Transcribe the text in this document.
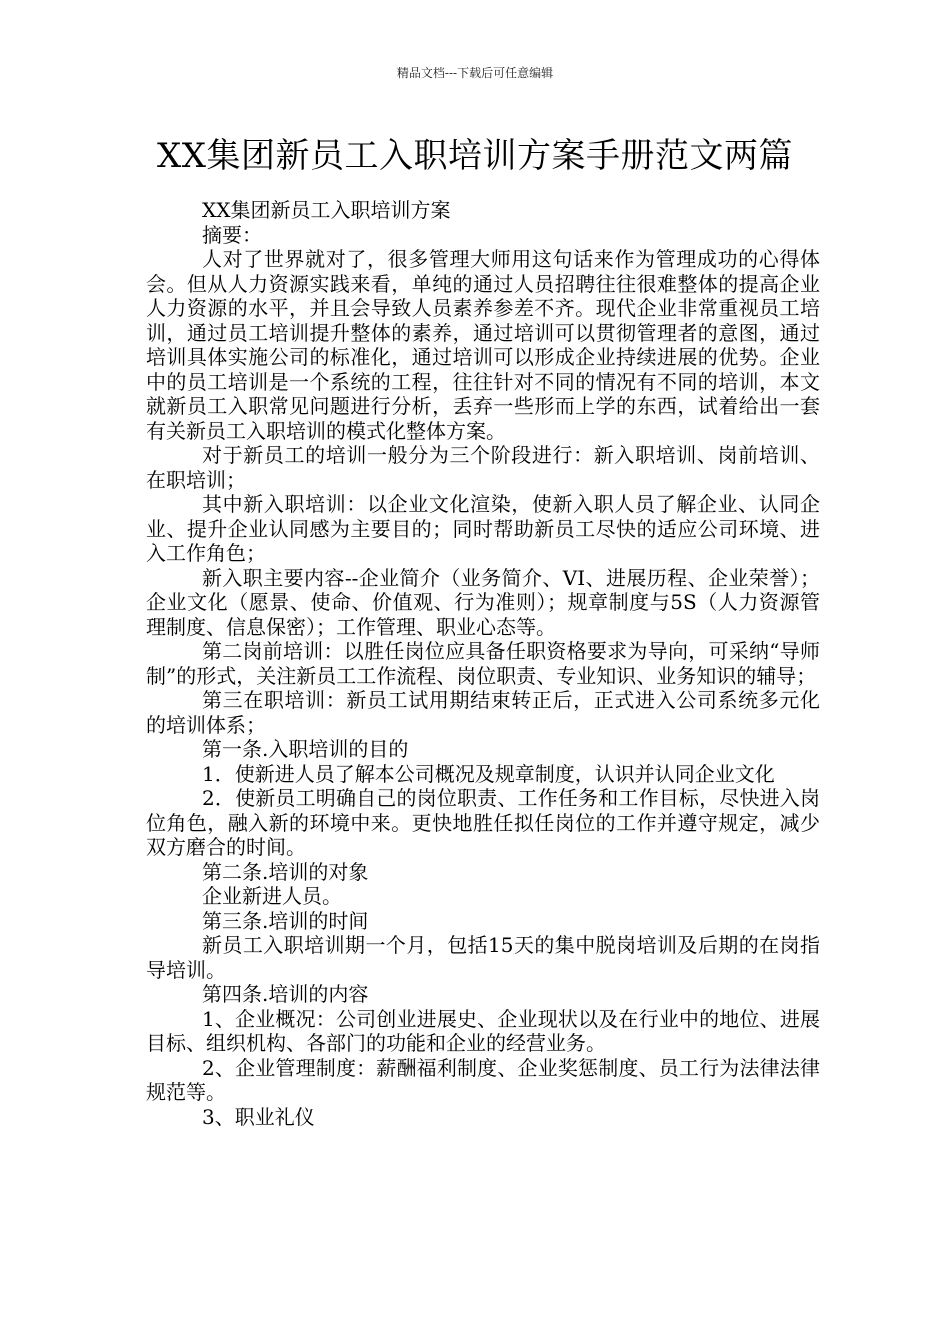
精品文档---下载后可任意编辑
XX集团新员工入职培训方案手册范文两篇

XX集团新员工入职培训方案

摘要：

人对了世界就对了，很多管理大师用这句话来作为管理成功的心得体会。但从人力资源实践来看，单纯的通过人员招聘往往很难整体的提高企业人力资源的水平，并且会导致人员素养参差不齐。现代企业非常重视员工培训，通过员工培训提升整体的素养，通过培训可以贯彻管理者的意图，通过培训具体实施公司的标准化，通过培训可以形成企业持续进展的优势。企业中的员工培训是一个系统的工程，往往针对不同的情况有不同的培训，本文就新员工入职常见问题进行分析，丢弃一些形而上学的东西，试着给出一套有关新员工入职培训的模式化整体方案。

对于新员工的培训一般分为三个阶段进行：新入职培训、岗前培训、在职培训；

其中新入职培训：以企业文化渲染，使新入职人员了解企业、认同企业、提升企业认同感为主要目的；同时帮助新员工尽快的适应公司环境、进入工作角色；

新入职主要内容--企业简介（业务简介、VI、进展历程、企业荣誉）；企业文化（愿景、使命、价值观、行为准则）；规章制度与5S（人力资源管理制度、信息保密）；工作管理、职业心态等。

第二岗前培训：以胜任岗位应具备任职资格要求为导向，可采纳“导师制”的形式，关注新员工工作流程、岗位职责、专业知识、业务知识的辅导；

第三在职培训：新员工试用期结束转正后，正式进入公司系统多元化的培训体系；

第一条.入职培训的目的

1．使新进人员了解本公司概况及规章制度，认识并认同企业文化

2．使新员工明确自己的岗位职责、工作任务和工作目标，尽快进入岗位角色，融入新的环境中来。更快地胜任拟任岗位的工作并遵守规定，减少双方磨合的时间。

第二条.培训的对象

企业新进人员。

第三条.培训的时间

新员工入职培训期一个月，包括15天的集中脱岗培训及后期的在岗指导培训。

第四条.培训的内容

1、企业概况：公司创业进展史、企业现状以及在行业中的地位、进展目标、组织机构、各部门的功能和企业的经营业务。

2、企业管理制度：薪酬福利制度、企业奖惩制度、员工行为法律法律规范等。

3、职业礼仪
